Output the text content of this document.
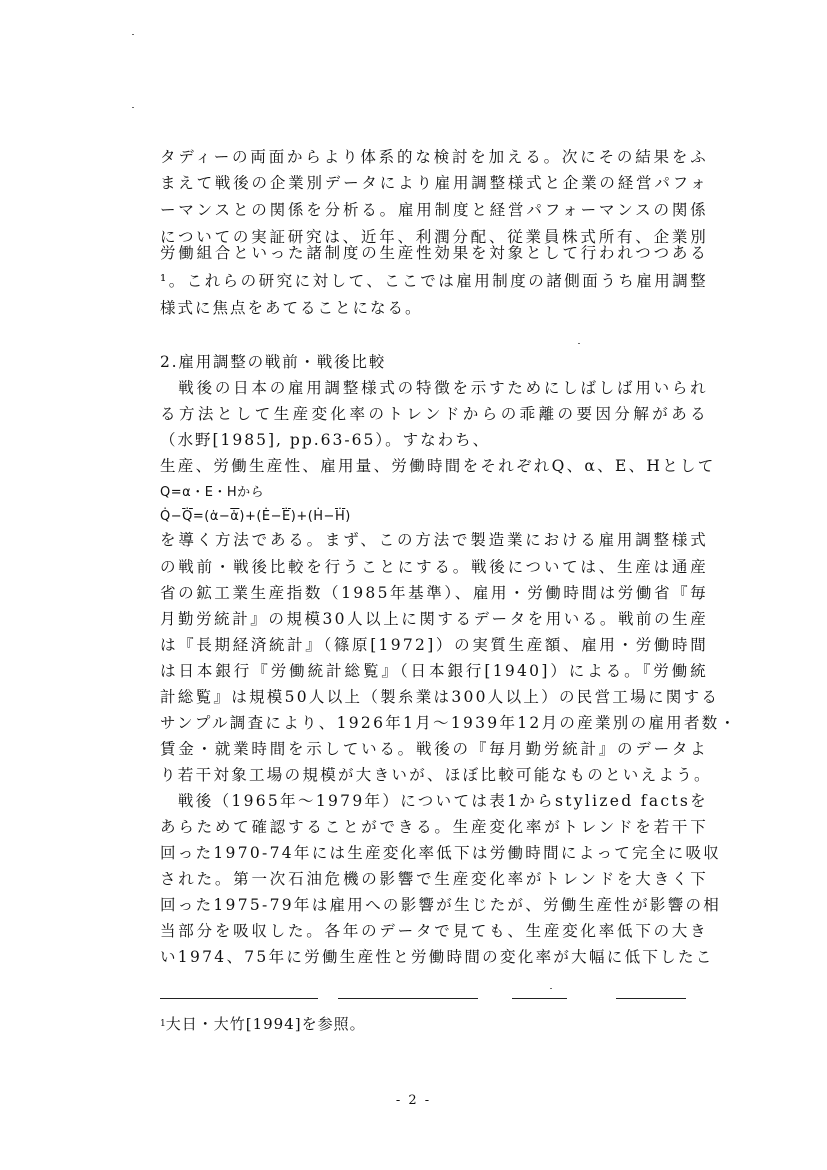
タディーの両面からより体系的な検討を加える。次にその結果をふ
まえて戦後の企業別データにより雇用調整様式と企業の経営パフォ
ーマンスとの関係を分析る。雇用制度と経営パフォーマンスの関係
についての実証研究は、近年、利潤分配、従業員株式所有、企業別
労働組合といった諸制度の生産性効果を対象として行われつつある
¹。これらの研究に対して、ここでは雇用制度の諸側面うち雇用調整
様式に焦点をあてることになる。
2.雇用調整の戦前・戦後比較
　戦後の日本の雇用調整様式の特徴を示すためにしばしば用いられ
る方法として生産変化率のトレンドからの乖離の要因分解がある
（水野[1985], pp.63-65）。すなわち、
生産、労働生産性、雇用量、労働時間をそれぞれQ、α、E、Hとして
Q=α・E・Hから
$Q̇-Q̇=(\alphȧ-\alphȧ)+(Ė-\overline{Ė})+(Ḣ-\overline{Ḣ})$
を導く方法である。まず、この方法で製造業における雇用調整様式
の戦前・戦後比較を行うことにする。戦後については、生産は通産
省の鉱工業生産指数（1985年基準）、雇用・労働時間は労働省『毎
月勤労統計』の規模30人以上に関するデータを用いる。戦前の生産
は『長期経済統計』（篠原[1972]）の実質生産額、雇用・労働時間
は日本銀行『労働統計総覧』（日本銀行[1940]）による。『労働統
計総覧』は規模50人以上（製糸業は300人以上）の民営工場に関する
サンプル調査により、1926年1月～1939年12月の産業別の雇用者数・
賃金・就業時間を示している。戦後の『毎月勤労統計』のデータよ
り若干対象工場の規模が大きいが、ほぼ比較可能なものといえよう。
　戦後（1965年～1979年）については表1からstylized factsを
あらためて確認することができる。生産変化率がトレンドを若干下
回った1970-74年には生産変化率低下は労働時間によって完全に吸収
された。第一次石油危機の影響で生産変化率がトレンドを大きく下
回った1975-79年は雇用への影響が生じたが、労働生産性が影響の相
当部分を吸収した。各年のデータで見ても、生産変化率低下の大き
い1974、75年に労働生産性と労働時間の変化率が大幅に低下したこ
$^1$大日・大竹[1994]を参照。
- 2 -
